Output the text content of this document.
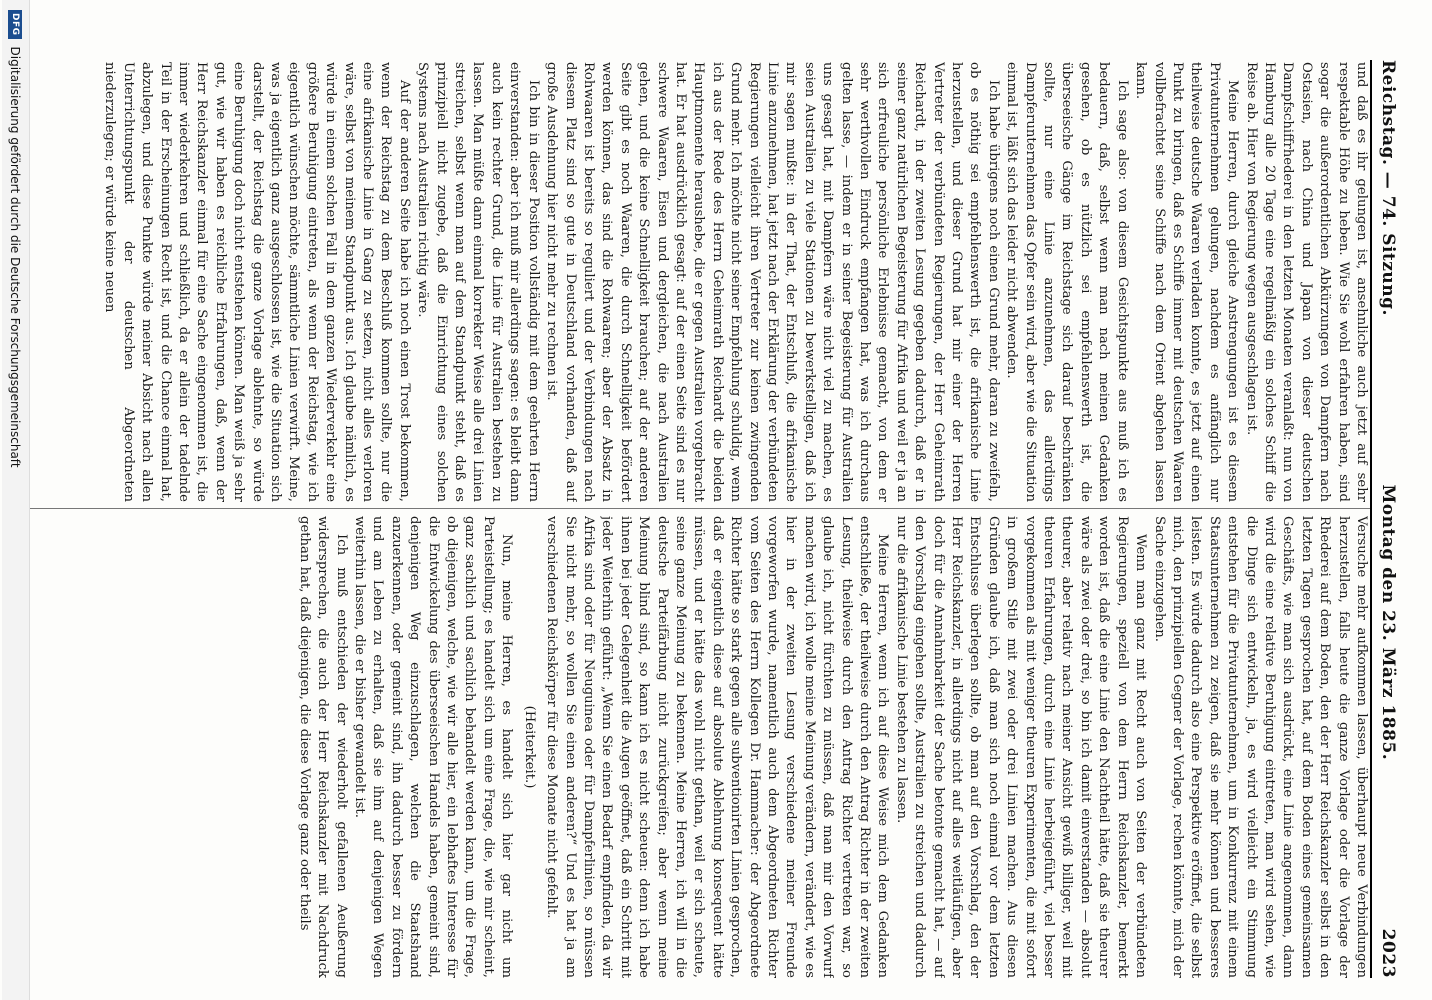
Reichstag. — 74. Sitzung.
Montag den 23. März 1885.
2023

und daß es ihr gelungen ist, ansehnliche auch jetzt auf sehr respektable Höhe zu heben. Wie Sie wohl erfahren haben, sind sogar die außerordentlichen Abkürzungen von Dampfern nach Ostasien, nach China und Japan von dieser deutschen Dampfschiffrhederei in den letzten Monaten veranlaßt: nun von Hamburg alle 20 Tage eine regelmäßig ein solches Schiff die Reise ab. Hier von Regierung wegen ausgeschlagen ist.

Meine Herren, durch gleiche Anstrengungen ist es diesem Privatunternehmen gelungen, nachdem es anfänglich nur theilweise deutsche Waaren verladen konnte, es jetzt auf einen Punkt zu bringen, daß es Schiffe immer mit deutschen Waaren vollbefrachtet seine Schiffe nach dem Orient abgehen lassen kann.

Ich sage also: von diesem Gesichtspunkte aus muß ich es bedauern, daß, selbst wenn man nach meinen Gedanken gesehen, ob es nützlich sei empfehlenswerth ist, die überseeische Gänge im Reichstage sich darauf beschränken sollte, nur eine Linie anzunehmen, das allerdings Dampferunternehmen das Opfer sein wird, aber wie die Situation einmal ist, läßt sich das leider nicht abwenden.

Ich habe übrigens noch einen Grund mehr, daran zu zweifeln, ob es nöthig sei empfehlenswerth ist, die afrikanische Linie herzustellen, und dieser Grund hat mir einer der Herren Vertreter der verbündeten Regierungen, der Herr Geheimrath Reichardt, in der zweiten Lesung gegeben dadurch, daß er in seiner ganz natürlichen Begeisterung für Afrika und weil er ja an sich erfreuliche persönliche Erlebnisse gemacht, von dem er sehr werthvollen Eindruck empfangen hat, was ich durchaus gelten lasse, — indem er in seiner Begeisterung für Australien uns gesagt hat, mit Dampfern wäre nicht viel zu machen, es seien Australien zu viele Stationen zu bewerkstelligen, daß ich mir sagen mußte: in der That, der Entschluß, die afrikanische Linie anzunehmen, hat jetzt nach der Erklärung der verbündeten Regierungen vielleicht ihren Vertreter zur keinen zwingenden Grund mehr. Ich möchte nicht seiner Empfehlung schuldig, wenn ich aus der Rede des Herrn Geheimrath Reichardt die beiden Hauptmomente heraushebe, die er gegen Australien vorgebracht hat. Er hat ausdrücklich gesagt: auf der einen Seite sind es nur schwere Waaren, Eisen und dergleichen, die nach Australien gehen, und die keine Schnelligkeit brauchen; auf der anderen Seite gibt es noch Waaren, die durch Schnelligkeit befördert werden können, das sind die Rohwaaren; aber der Absatz in Rohwaaren ist bereits so reguliert und der Verbindungen nach diesem Platz sind so gute in Deutschland vorhanden, daß auf große Ausdehnung hier nicht mehr zu rechnen ist.

Ich bin in dieser Position vollständig mit dem geehrten Herrn einverstanden: aber ich muß mir allerdings sagen: es bleibt dann auch kein rechter Grund, die Linie für Australien bestehen zu lassen. Man müßte dann einmal korrekter Weise alle drei Linien streichen, selbst wenn man auf dem Standpunkt steht, daß es prinzipiell nicht zugebe, daß die Einrichtung eines solchen Systems nach Australien richtig wäre.

Auf der anderen Seite habe ich noch einen Trost bekommen, wenn der Reichstag zu dem Beschluß kommen sollte, nur die eine afrikanische Linie in Gang zu setzen, nicht alles verloren wäre, selbst von meinem Standpunkt aus. Ich glaube nämlich, es würde in einem solchen Fall in dem ganzen Wiederverkehr eine größere Beruhigung eintreten, als wenn der Reichstag, wie ich eigentlich wünschen möchte, sämmtliche Linien verwirft. Meine, was ja eigentlich ganz ausgeschlossen ist, wie die Situation sich darstellt, der Reichstag die ganze Vorlage ablehnte, so würde eine Beruhigung doch nicht entstehen können. Man weiß ja sehr gut, wie wir haben es reichliche Erfahrungen, daß, wenn der Herr Reichskanzler einmal für eine Sache eingenommen ist, die immer wiederkehren und schließlich, da er allein der tadelnde Teil in der Erscheinungen Recht ist, und die Chance einmal hat, abzulegen, und diese Punkte würde meiner Absicht nach allen Unterrichtungspunkt der deutschen Abgeordneten niederzulegen; er würde keine neuen

Versuche mehr aufkommen lassen, überhaupt neue Verbindungen herzustellen, falls heute die ganze Vorlage oder die Vorlage der Rhederei auf dem Boden, den der Herr Reichskanzler selbst in den letzten Tagen gesprochen hat, auf dem Boden eines gemeinsamen Geschäfts, wie man sich ausdrückt, eine Linie angenommen, dann wird die eine relative Beruhigung eintreten, man wird sehen, wie die Dinge sich entwickeln, ja, es wird vielleicht ein Stimmung entstehen für die Privatunternehmen, um in Konkurrenz mit einem Staatsunternehmen zu zeigen, daß sie mehr können und besseres leisten. Es würde dadurch also eine Perspektive eröffnet, die selbst mich, den prinzipiellen Gegner der Vorlage, rechen könnte, mich der Sache einzugehen.

Wenn man ganz mit Recht auch von Seiten der verbündeten Regierungen, speziell von dem Herrn Reichskanzler, bemerkt worden ist, daß die eine Linie den Nachtheil hätte, daß sie theurer wäre als zwei oder drei, so bin ich damit einverstanden — absolut theurer, aber relativ nach meiner Ansicht gewiß billiger, weil mit theuren Erfahrungen, durch eine Linie herbeigeführt, viel besser vorgekommen als mit weniger theuren Experimenten, die mit sofort in großem Stile mit zwei oder drei Linien machen. Aus diesen Gründen glaube ich, daß man sich noch einmal vor dem letzten Entschlusse überlegen sollte, ob man auf den Vorschlag, den der Herr Reichskanzler, in allerdings nicht auf alles weitläufigen, aber doch für die Annahmbarkeit der Sache betonte gemacht hat, — auf den Vorschlag eingehen sollte, Australien zu streichen und dadurch nur die afrikanische Linie bestehen zu lassen.

Meine Herren, wenn ich auf diese Weise mich dem Gedanken entschließe, der theilweise durch den Antrag Richter in der zweiten Lesung, theilweise durch den Antrag Richter vertreten war, so glaube ich, nicht fürchten zu müssen, daß man mir den Vorwurf machen wird, ich wolle meine Meinung verändern, verändert, wie es hier in der zweiten Lesung verschiedene meiner Freunde vorgeworfen wurde, namentlich auch dem Abgeordneten Richter vom Seiten des Herrn Kollegen Dr. Hammacher: der Abgeordnete Richter hätte so stark gegen alle subventionirten Linien gesprochen, daß er eigentlich diese auf absolute Ablehnung konsequent hätte müssen, und er hätte das wohl nicht gethan, weil er sich scheute, seine ganze Meinung zu bekennen. Meine Herren, ich will in die deutsche Parteifärbung nicht zurückgreifen; aber wenn meine Meinung blind sind, so kann ich es nicht scheuen: denn ich habe ihnen bei jeder Gelegenheit die Augen geöffnet, daß ein Schritt mit jeder Weiterhin geführt: „Wenn Sie einen Bedarf empfinden, da wir Afrika sind oder für Neuguinea oder für Dampferlinien, so müssen Sie nicht mehr, so wollen Sie einen anderen?“ Und es hat ja am verschiedenen Reichskörper für diese Monate nicht gefehlt.

(Heiterkeit.)

Nun, meine Herren, es handelt sich hier gar nicht um Parteistellung; es handelt sich um eine Frage, die, wie mir scheint, ganz sachlich und sachlich behandelt werden kann, um die Frage, ob diejenigen, welche, wie wir alle hier, ein lebhaftes Interesse für die Entwickelung des überseeischen Handels haben, gemeint sind, denjenigen Weg einzuschlagen, welchen die Staatshand anzuerkennen, oder gemeint sind, ihn dadurch besser zu fördern und am Leben zu erhalten, daß sie ihm auf denjenigen Wegen weiterhin lassen, die er bisher gewandelt ist.

Ich muß entschieden der wiederholt gefallenen Aeußerung widersprechen, die auch der Herr Reichskanzler mit Nachdruck gethan hat, daß diejenigen, die diese Vorlage ganz oder theils

DFG
Digitalisierung gefördert durch die Deutsche Forschungsgemeinschaft
